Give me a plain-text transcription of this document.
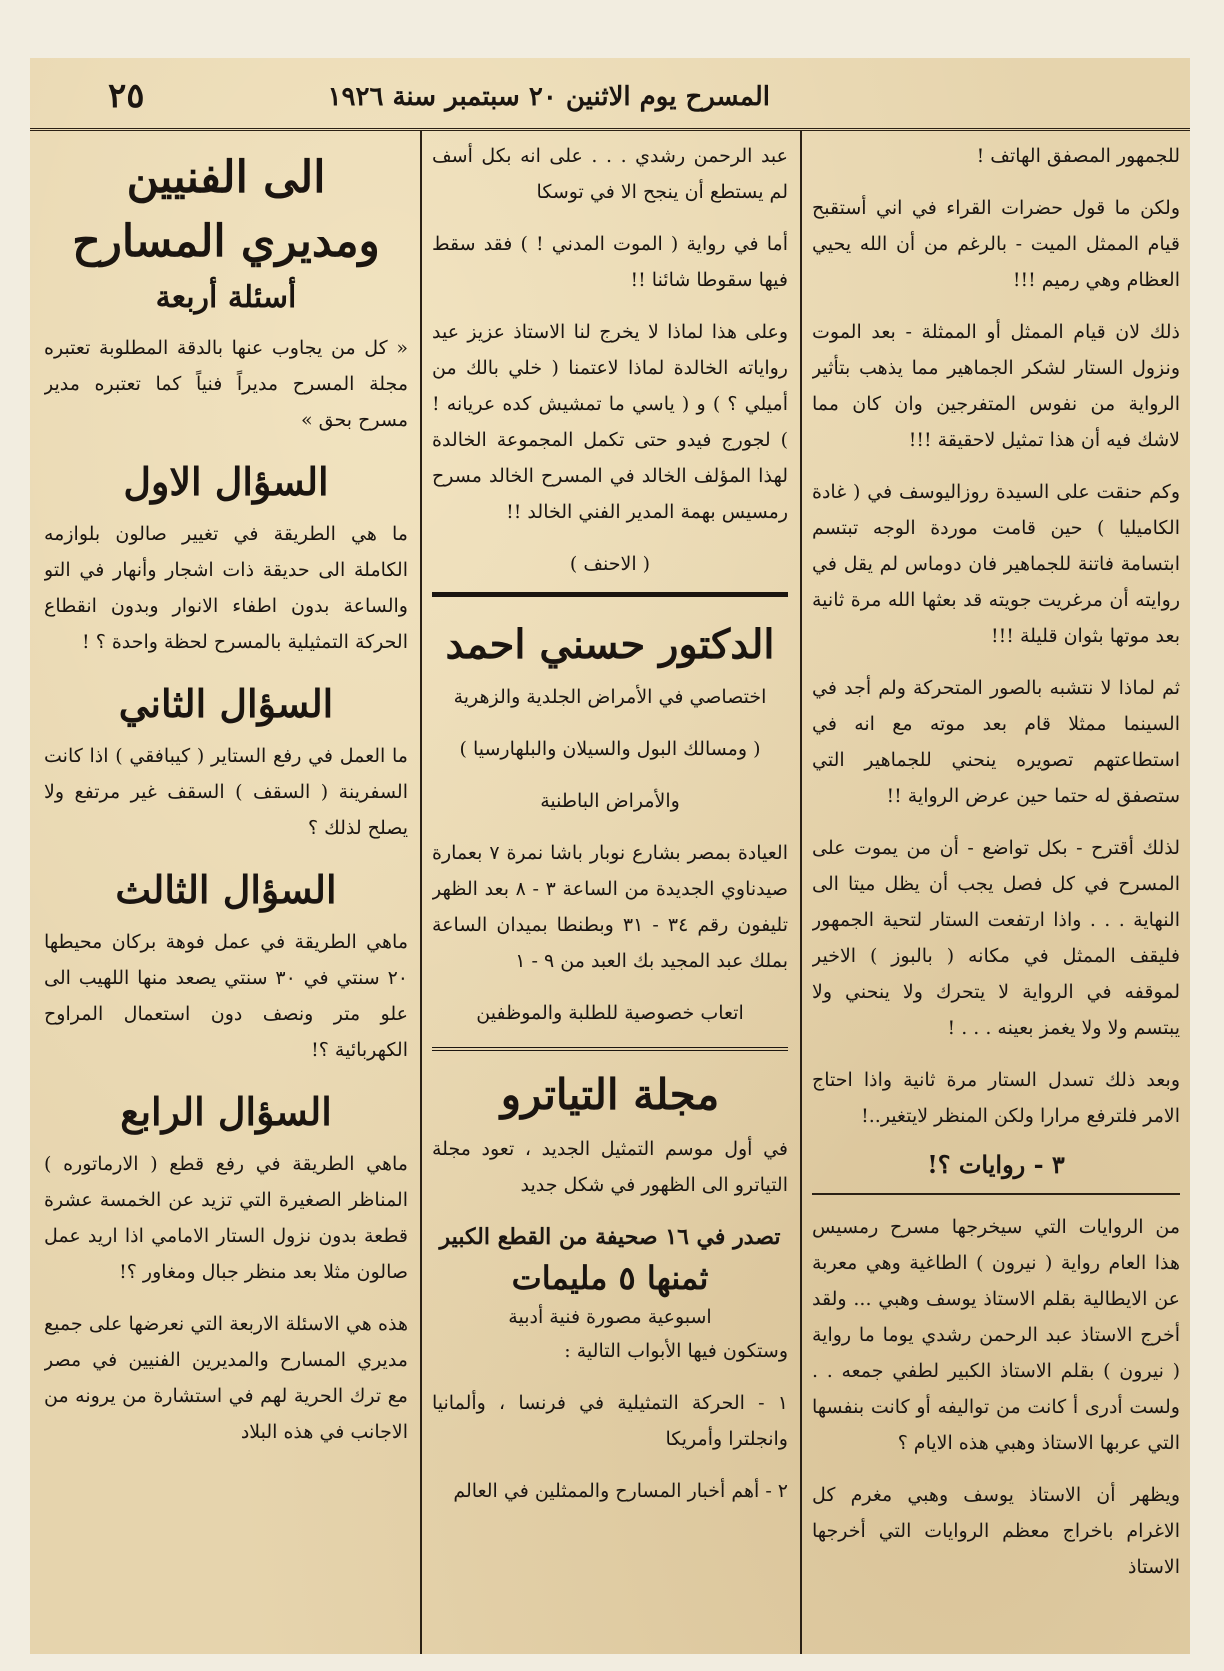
المسرح يوم الاثنين ٢٠ سبتمبر سنة ١٩٢٦
٢٥

للجمهور المصفق الهاتف !

ولكن ما قول حضرات القراء في اني أستقبح قيام الممثل الميت - بالرغم من أن الله يحيي العظام وهي رميم !!!

ذلك لان قيام الممثل أو الممثلة - بعد الموت ونزول الستار لشكر الجماهير مما يذهب بتأثير الرواية من نفوس المتفرجين وان كان مما لاشك فيه أن هذا تمثيل لاحقيقة !!!

وكم حنقت على السيدة روزاليوسف في ( غادة الكاميليا ) حين قامت موردة الوجه تبتسم ابتسامة فاتنة للجماهير فان دوماس لم يقل في روايته أن مرغريت جويته قد بعثها الله مرة ثانية بعد موتها بثوان قليلة !!!

ثم لماذا لا نتشبه بالصور المتحركة ولم أجد في السينما ممثلا قام بعد موته مع انه في استطاعتهم تصويره ينحني للجماهير التي ستصفق له حتما حين عرض الرواية !!

لذلك أقترح - بكل تواضع - أن من يموت على المسرح في كل فصل يجب أن يظل ميتا الى النهاية . . . واذا ارتفعت الستار لتحية الجمهور فليقف الممثل في مكانه ( بالبوز ) الاخير لموقفه في الرواية لا يتحرك ولا ينحني ولا يبتسم ولا ولا يغمز بعينه . . . !

وبعد ذلك تسدل الستار مرة ثانية واذا احتاج الامر فلترفع مرارا ولكن المنظر لايتغير..!

٣ - روايات ؟!

من الروايات التي سيخرجها مسرح رمسيس هذا العام رواية ( نيرون ) الطاغية وهي معربة عن الايطالية بقلم الاستاذ يوسف وهبي ... ولقد أخرج الاستاذ عبد الرحمن رشدي يوما ما رواية ( نيرون ) بقلم الاستاذ الكبير لطفي جمعه . . ولست أدرى أ كانت من تواليفه أو كانت بنفسها التي عربها الاستاذ وهبي هذه الايام ؟

ويظهر أن الاستاذ يوسف وهبي مغرم كل الاغرام باخراج معظم الروايات التي أخرجها الاستاذ

عبد الرحمن رشدي . . . على انه بكل أسف لم يستطع أن ينجح الا في توسكا

أما في رواية ( الموت المدني ! ) فقد سقط فيها سقوطا شائنا !!

وعلى هذا لماذا لا يخرج لنا الاستاذ عزيز عيد رواياته الخالدة لماذا لاعتمنا ( خلي بالك من أميلي ؟ ) و ( ياسي ما تمشيش كده عريانه ! ) لجورج فيدو حتى تكمل المجموعة الخالدة لهذا المؤلف الخالد في المسرح الخالد مسرح رمسيس بهمة المدير الفني الخالد !!

( الاحنف )
الدكتور حسني احمد

اختصاصي في الأمراض الجلدية والزهرية

( ومسالك البول والسيلان والبلهارسيا )

والأمراض الباطنية

العيادة بمصر بشارع نوبار باشا نمرة ٧ بعمارة صيدناوي الجديدة من الساعة ٣ - ٨ بعد الظهر تليفون رقم ٣٤ - ٣١ وبطنطا بميدان الساعة بملك عبد المجيد بك العبد من ٩ - ١

اتعاب خصوصية للطلبة والموظفين

مجلة التياترو

في أول موسم التمثيل الجديد ، تعود مجلة التياترو الى الظهور في شكل جديد

تصدر في ١٦ صحيفة من القطع الكبير
ثمنها ٥ مليمات
اسبوعية مصورة فنية أدبية

وستكون فيها الأبواب التالية :

١ - الحركة التمثيلية في فرنسا ، وألمانيا وانجلترا وأمريكا

٢ - أهم أخبار المسارح والممثلين في العالم

الى الفنيين
ومديري المسارح
أسئلة أربعة

« كل من يجاوب عنها بالدقة المطلوبة تعتبره مجلة المسرح مديراً فنياً كما تعتبره مدير مسرح بحق »

السؤال الاول

ما هي الطريقة في تغيير صالون بلوازمه الكاملة الى حديقة ذات اشجار وأنهار في التو والساعة بدون اطفاء الانوار وبدون انقطاع الحركة التمثيلية بالمسرح لحظة واحدة ؟ !

السؤال الثاني

ما العمل في رفع الستاير ( كيبافقي ) اذا كانت السفرينة ( السقف ) السقف غير مرتفع ولا يصلح لذلك ؟

السؤال الثالث

ماهي الطريقة في عمل فوهة بركان محيطها ٢٠ سنتي في ٣٠ سنتي يصعد منها اللهيب الى علو متر ونصف دون استعمال المراوح الكهربائية ؟!

السؤال الرابع

ماهي الطريقة في رفع قطع ( الارماتوره ) المناظر الصغيرة التي تزيد عن الخمسة عشرة قطعة بدون نزول الستار الامامي اذا اريد عمل صالون مثلا بعد منظر جبال ومغاور ؟!

هذه هي الاسئلة الاربعة التي نعرضها على جميع مديري المسارح والمديرين الفنيين في مصر مع ترك الحرية لهم في استشارة من يرونه من الاجانب في هذه البلاد
